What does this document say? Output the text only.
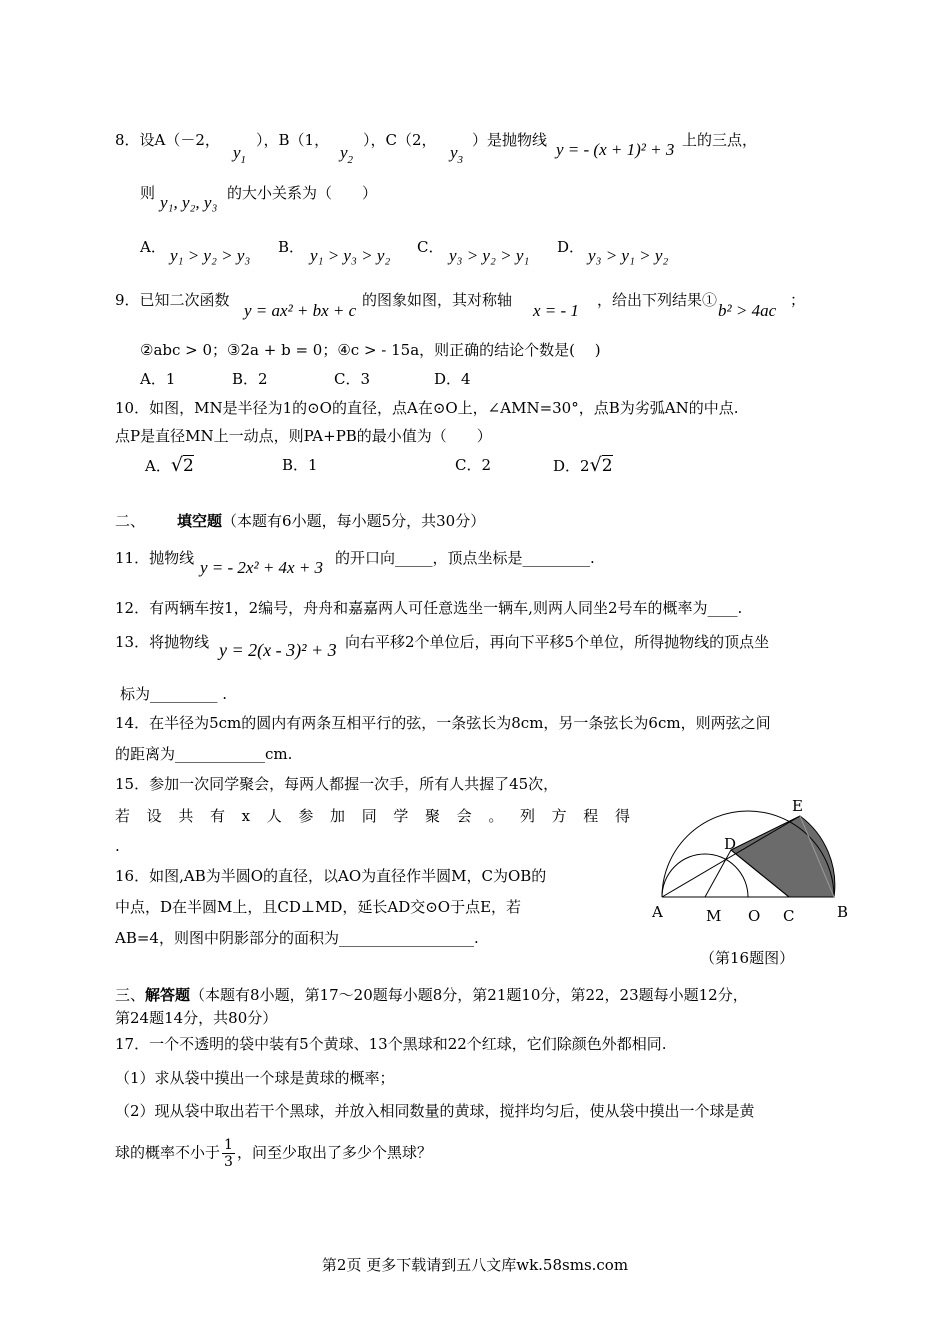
8．设A（－2，
$y_1$
），B（1，
$y_2$
），C（2，
$y_3$
）是抛物线 y = - (x + 1)² + 3 上的三点，
则 y₁, y₂, y₃ 的大小关系为（　　）
A． y₁ > y₂ > y₃ B． y₁ > y₃ > y₂ C． y₃ > y₂ > y₁ D． y₃ > y₁ > y₂
9．已知二次函数
y = ax² + bx + c
的图象如图，其对称轴
x = - 1
，给出下列结果①
b² > 4ac
；
②abc > 0；③2a + b = 0；④c > - 15a，则正确的结论个数是(　 )
A．1	B．2	C．3	D．4
10．如图，MN是半径为1的⊙O的直径，点A在⊙O上，∠AMN=30°，点B为劣弧AN的中点.
点P是直径MN上一动点，则PA+PB的最小值为（　　）
A．√2	B．1	C．2	D．2√2
二、 填空题（本题有6小题，每小题5分，共30分）
11．抛物线 y = - 2x² + 4x + 3 的开口向_____，顶点坐标是_________.
12．有两辆车按1，2编号，舟舟和嘉嘉两人可任意选坐一辆车,则两人同坐2号车的概率为____.
13．将抛物线 y = 2(x - 3)² + 3 向右平移2个单位后，再向下平移5个单位，所得抛物线的顶点坐
标为_________ .
14．在半径为5cm的圆内有两条互相平行的弦，一条弦长为8cm，另一条弦长为6cm，则两弦之间
的距离为____________cm.
15．参加一次同学聚会，每两人都握一次手，所有人共握了45次，
若 设 共 有 x 人 参 加 同 学 聚 会 。 列 方 程 得
.
16．如图,AB为半圆O的直径，以AO为直径作半圆M，C为OB的
中点，D在半圆M上，且CD⊥MD，延长AD交⊙O于点E，若
AB=4，则图中阴影部分的面积为__________________.
E
D
A	M O C	B
（第16题图）
三、解答题（本题有8小题，第17～20题每小题8分，第21题10分，第22，23题每小题12分，
第24题14分，共80分）
17．一个不透明的袋中装有5个黄球、13个黑球和22个红球，它们除颜色外都相同.
（1）求从袋中摸出一个球是黄球的概率；
（2）现从袋中取出若干个黑球，并放入相同数量的黄球，搅拌均匀后，使从袋中摸出一个球是黄
球的概率不小于 $\frac{1}{3}$ ，问至少取出了多少个黑球？
第2页 更多下载请到五八文库wk.58sms.com
